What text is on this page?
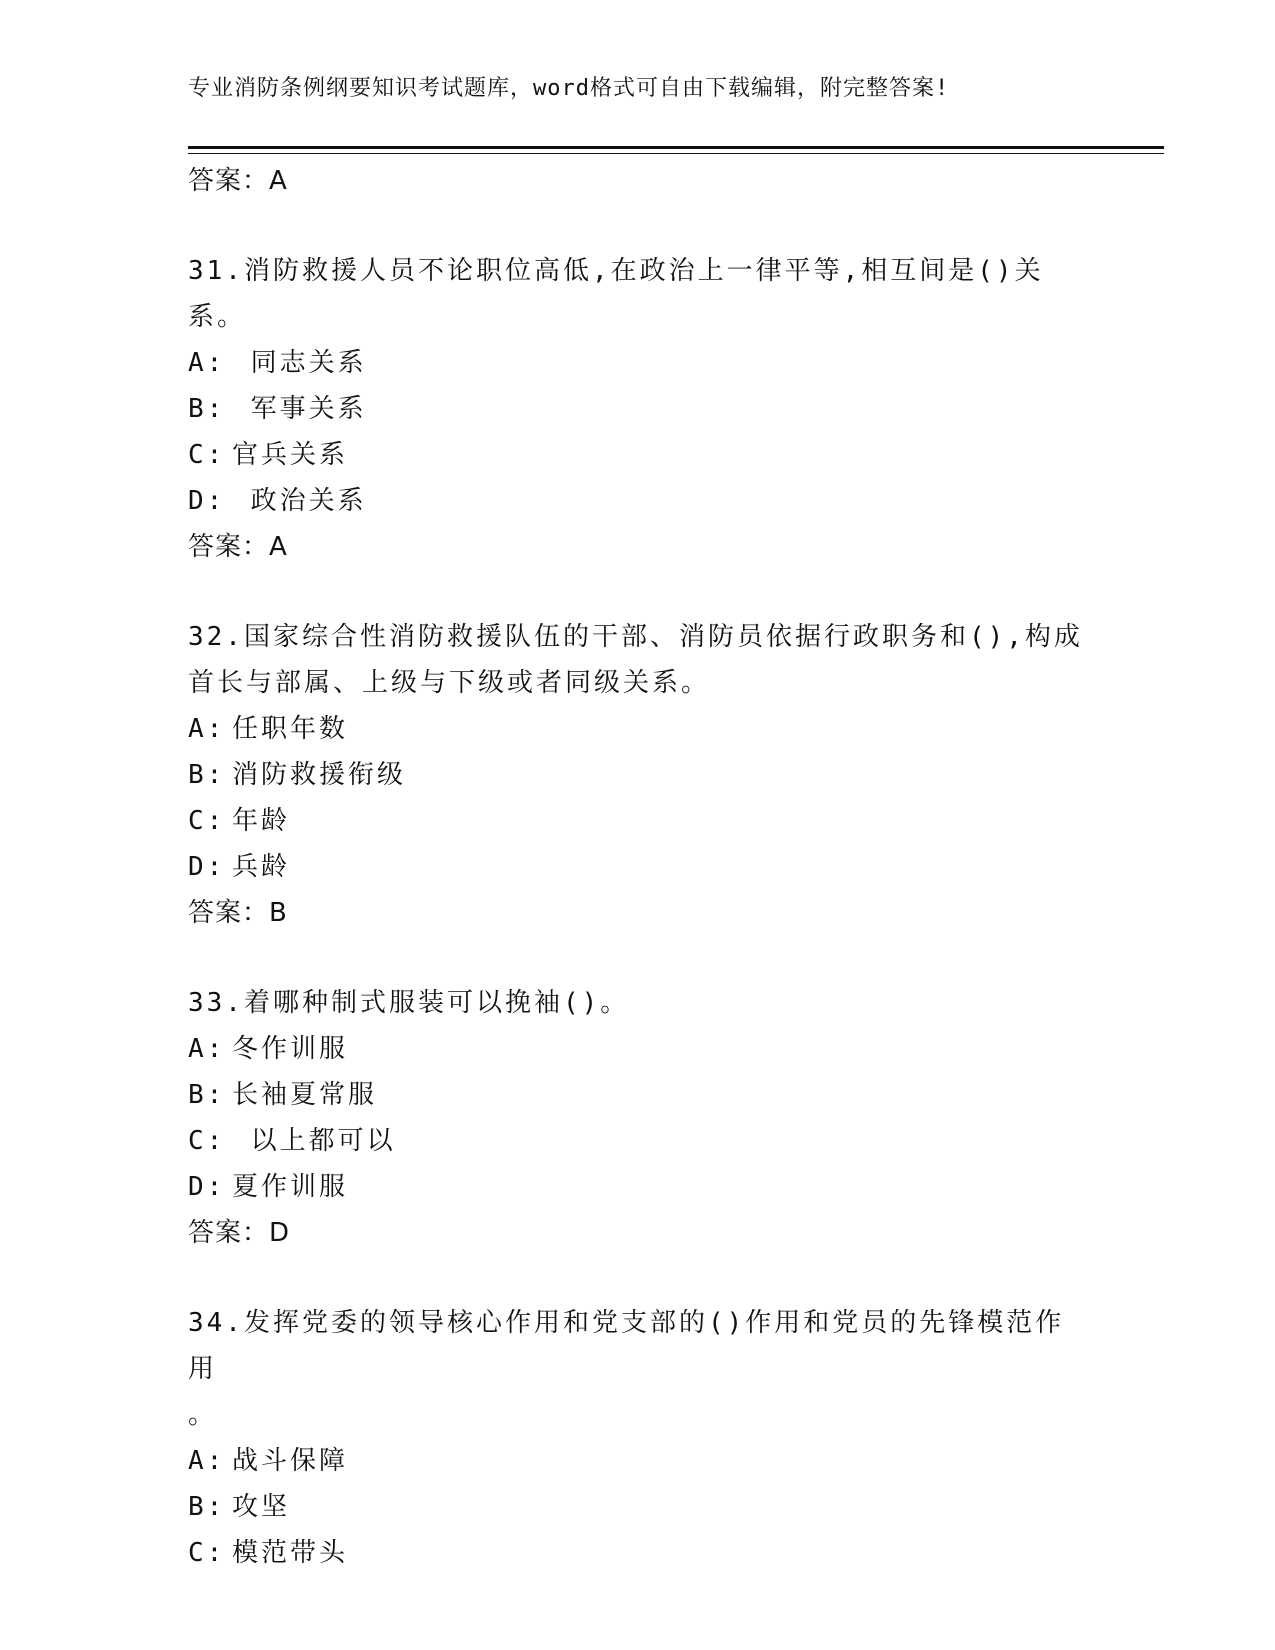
专业消防条例纲要知识考试题库，word格式可自由下载编辑，附完整答案!
答案：A
31.消防救援人员不论职位高低,在政治上一律平等,相互间是()关系。
A: 同志关系
B: 军事关系
C: 官兵关系
D: 政治关系
答案：A
32.国家综合性消防救援队伍的干部、消防员依据行政职务和(),构成
首长与部属、上级与下级或者同级关系。
A: 任职年数
B: 消防救援衔级
C: 年龄
D: 兵龄
答案：B
33.着哪种制式服装可以挽袖()。
A: 冬作训服
B: 长袖夏常服
C: 以上都可以
D: 夏作训服
答案：D
34.发挥党委的领导核心作用和党支部的()作用和党员的先锋模范作用
。
A: 战斗保障
B: 攻坚
C: 模范带头
